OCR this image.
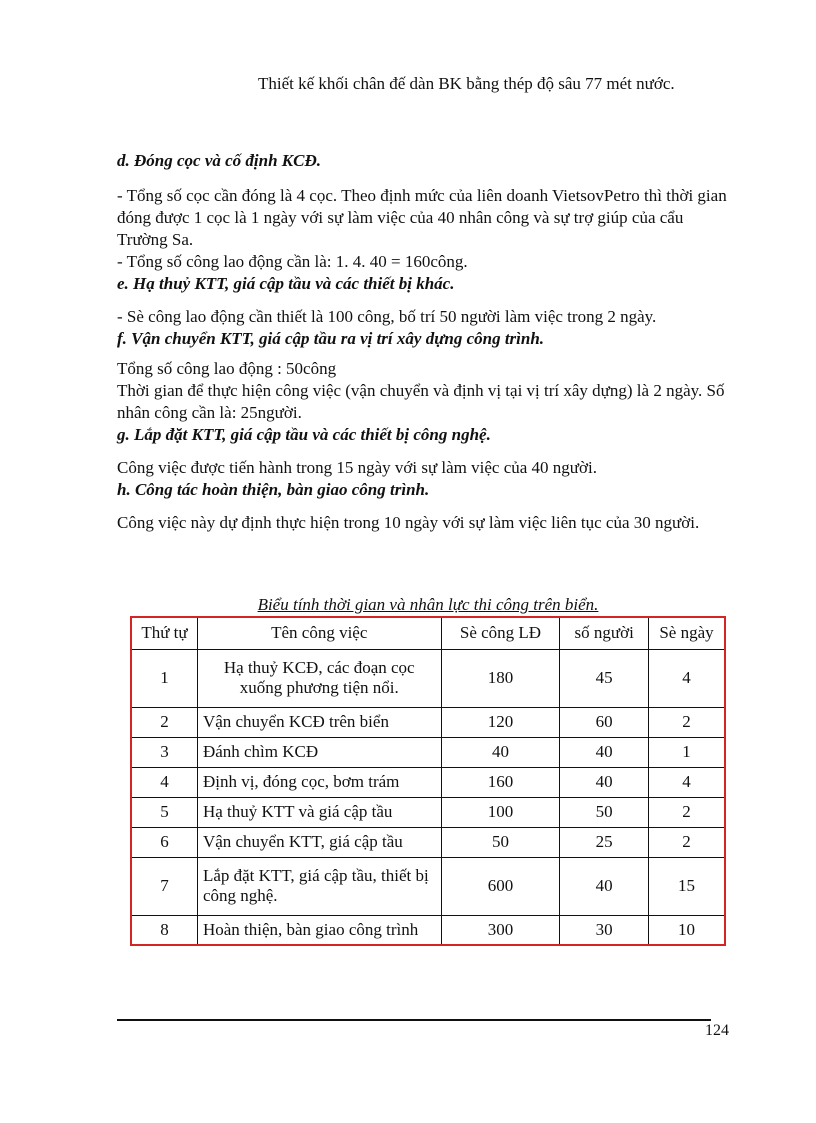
Thiết kế khối chân đế dàn BK bằng thép độ sâu 77 mét nước.

d. Đóng cọc và cố định KCĐ.

- Tổng số cọc cần đóng là 4 cọc. Theo định mức của liên doanh VietsovPetro thì thời gian đóng được 1 cọc là 1 ngày với sự làm việc của 40 nhân công và sự trợ giúp của cẩu Trường Sa.

- Tổng số công lao động cần là: 1. 4. 40 = 160công.

e. Hạ thuỷ KTT, giá cập tầu và các thiết bị khác.

- Sè công lao động cần thiết là 100 công, bố trí 50 người làm việc trong 2 ngày.

f. Vận chuyển KTT, giá cập tầu ra vị trí xây dựng công trình.

Tổng số công lao động : 50công

Thời gian để thực hiện công việc (vận chuyển và định vị tại vị trí xây dựng) là 2 ngày. Số nhân công cần là: 25người.

g. Lắp đặt KTT, giá cập tầu và các thiết bị công nghệ.

Công việc được tiến hành trong 15 ngày với sự làm việc của 40 người.

h. Công tác hoàn thiện, bàn giao công trình.

Công việc này dự định thực hiện trong 10 ngày với sự làm việc liên tục của 30 người.

Biểu tính thời gian và nhân lực thi công trên biển.
Thứ tự	Tên công việc	Sè công LĐ	số người	Sè ngày
1	Hạ thuỷ KCĐ, các đoạn cọc xuống phương tiện nổi.	180	45	4
2	Vận chuyển KCĐ trên biển	120	60	2
3	Đánh chìm KCĐ	40	40	1
4	Định vị, đóng cọc, bơm trám	160	40	4
5	Hạ thuỷ KTT và giá cập tầu	100	50	2
6	Vận chuyển KTT, giá cập tầu	50	25	2
7	Lắp đặt KTT, giá cập tầu, thiết bị công nghệ.	600	40	15
8	Hoàn thiện, bàn giao công trình	300	30	10
124
